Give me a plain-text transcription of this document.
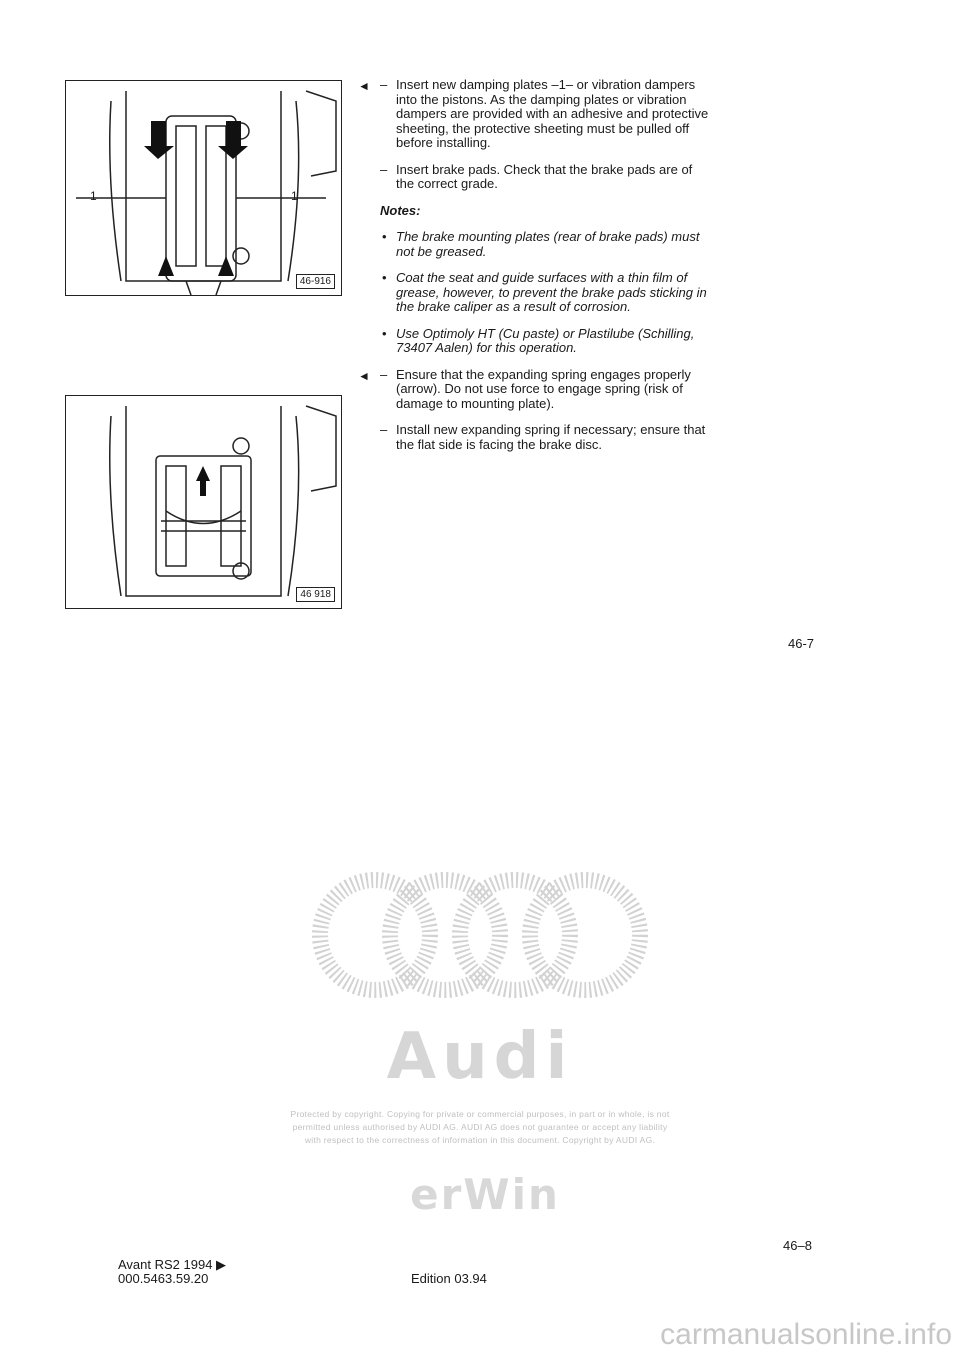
1	1
46-916
46 918
◄ – Insert new damping plates –1– or vibration dampers into the pistons. As the damping plates or vibration dampers are provided with an adhesive and protective sheeting, the protective sheeting must be pulled off before installing.
– Insert brake pads. Check that the brake pads are of the correct grade.
Notes:
• The brake mounting plates (rear of brake pads) must not be greased.
• Coat the seat and guide surfaces with a thin film of grease, however, to prevent the brake pads sticking in the brake caliper as a result of corrosion.
• Use Optimoly HT (Cu paste) or Plastilube (Schilling, 73407 Aalen) for this operation.
◄ – Ensure that the expanding spring engages properly (arrow). Do not use force to engage spring (risk of damage to mounting plate).
– Install new expanding spring if necessary; ensure that the flat side is facing the brake disc.
46-7
Audi
Protected by copyright. Copying for private or commercial purposes, in part or in whole, is not permitted unless authorised by AUDI AG. AUDI AG does not guarantee or accept any liability with respect to the correctness of information in this document. Copyright by AUDI AG.
erWin
46–8
Avant RS2 1994 ▶
000.5463.59.20	Edition 03.94
carmanualsonline.info
